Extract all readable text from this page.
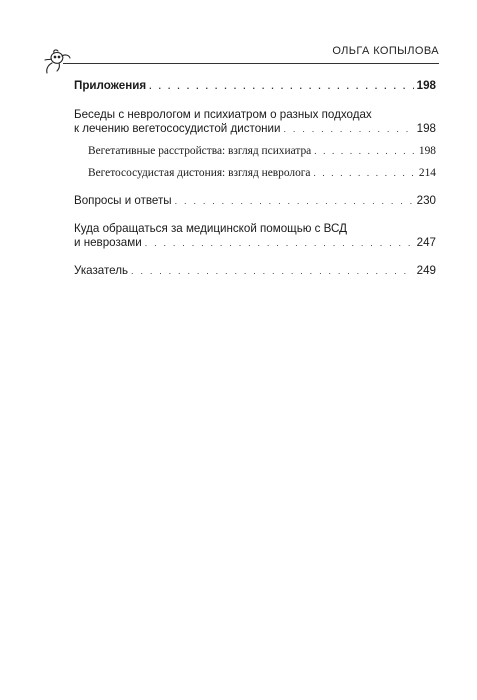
ОЛЬГА КОПЫЛОВА
Приложения . . .	198
Беседы с неврологом и психиатром о разных подходах
к лечению вегетососудистой дистонии . . .	198
Вегетативные расстройства: взгляд психиатра . . .	198
Вегетососудистая дистония: взгляд невролога . . .	214
Вопросы и ответы . . .	230
Куда обращаться за медицинской помощью с ВСД
и неврозами . . .	247
Указатель . . .	249
